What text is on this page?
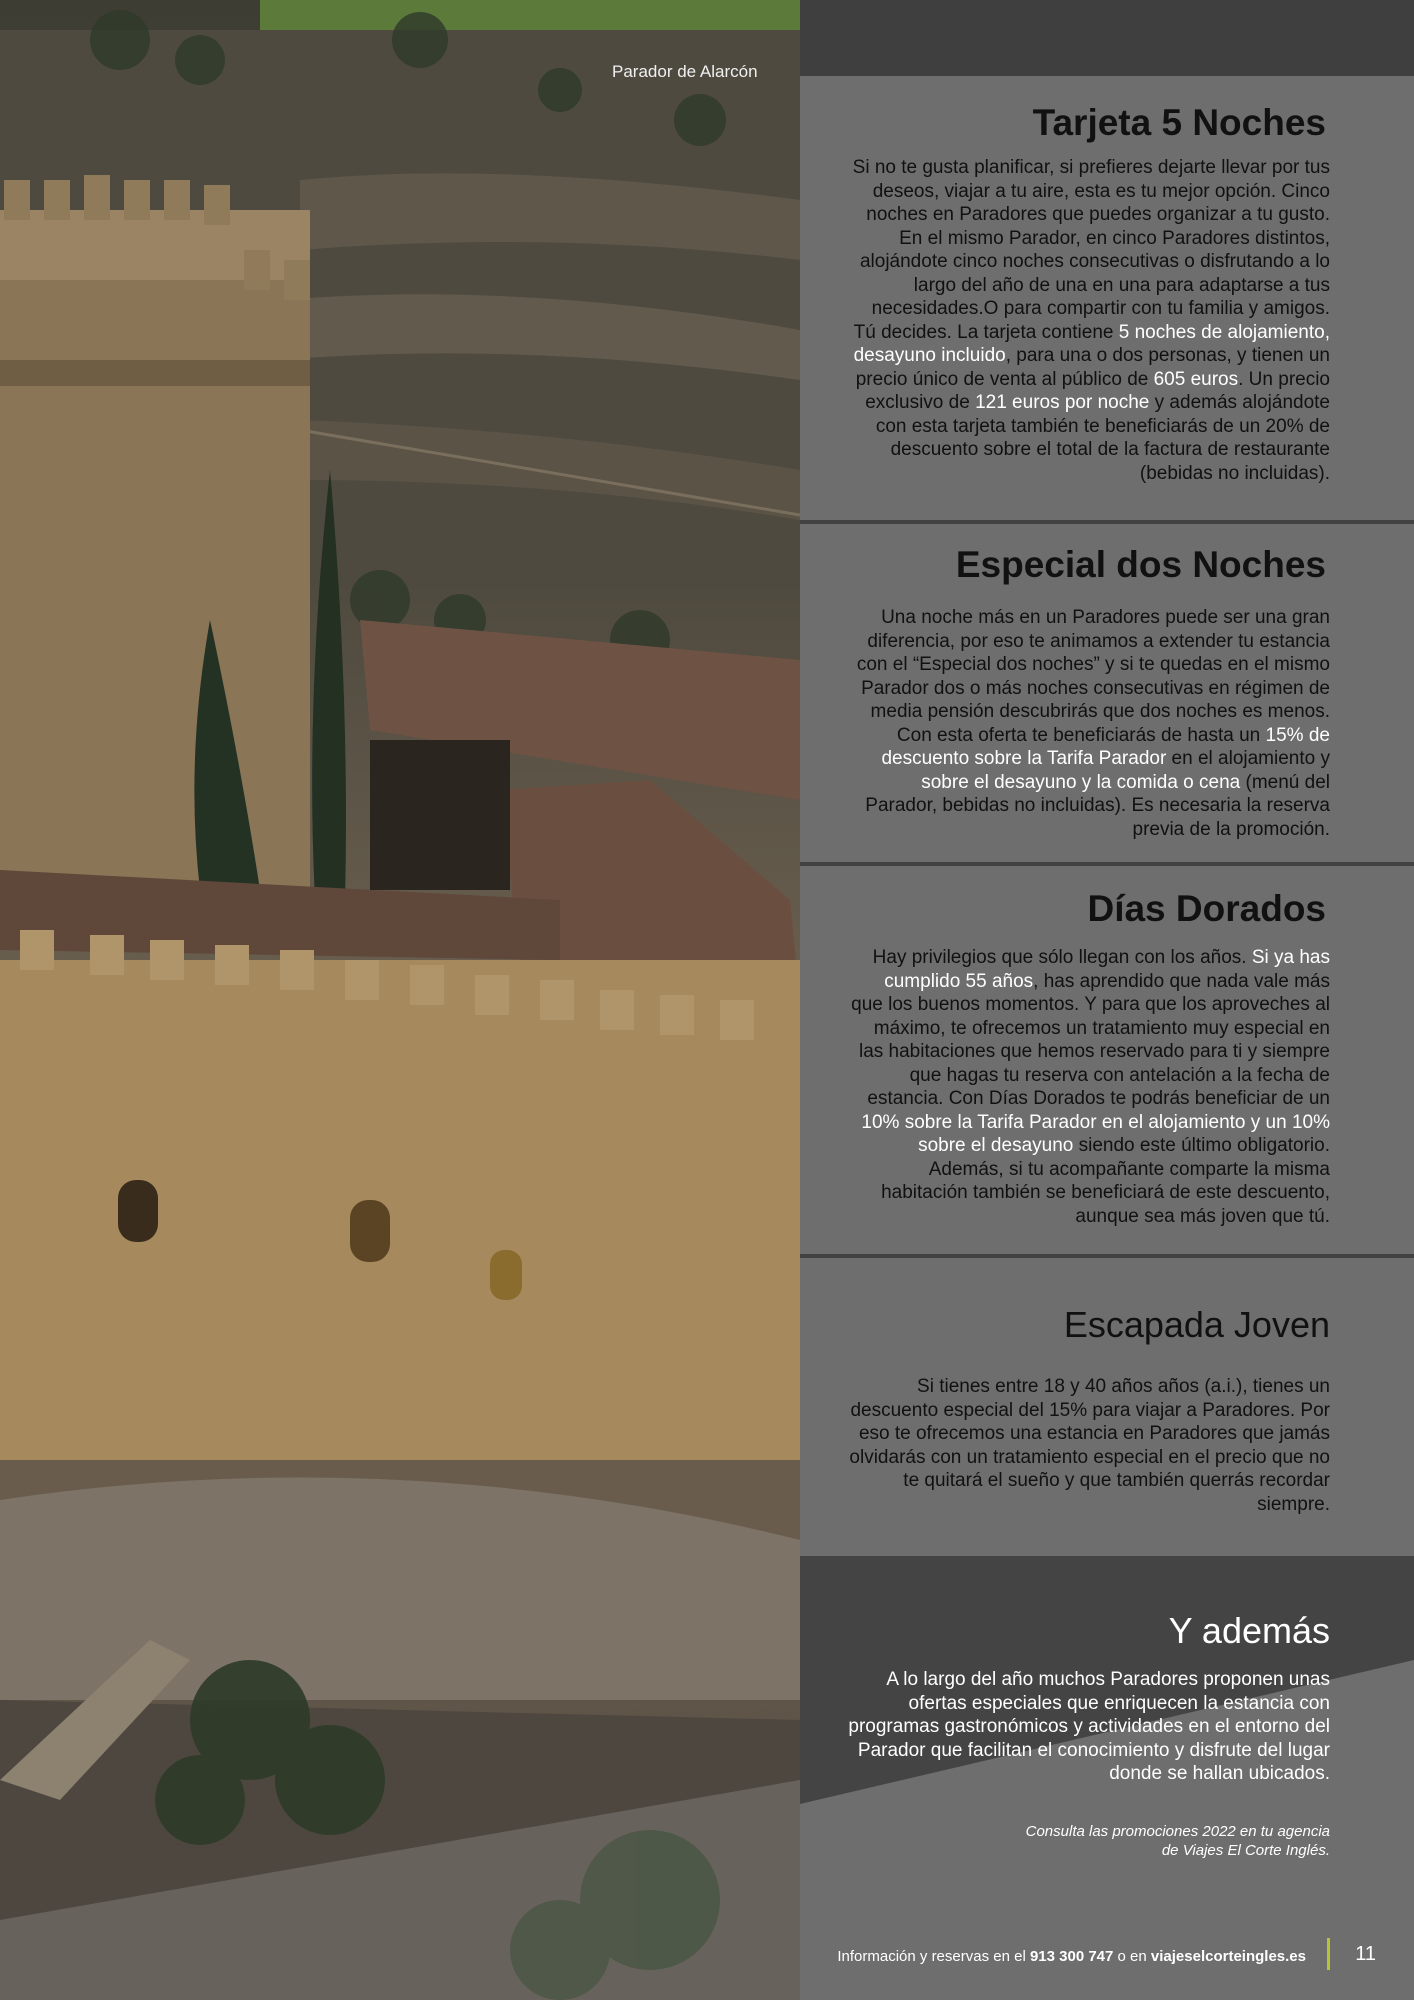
Parador de Alarcón
Tarjeta 5 Noches

Si no te gusta planificar, si prefieres dejarte llevar por tus deseos, viajar a tu aire, esta es tu mejor opción. Cinco noches en Paradores que puedes organizar a tu gusto. En el mismo Parador, en cinco Paradores distintos, alojándote cinco noches consecutivas o disfrutando a lo largo del año de una en una para adaptarse a tus necesidades.O para compartir con tu familia y amigos. Tú decides. La tarjeta contiene 5 noches de alojamiento, desayuno incluido, para una o dos personas, y tienen un precio único de venta al público de 605 euros. Un precio exclusivo de 121 euros por noche y además alojándote con esta tarjeta también te beneficiarás de un 20% de descuento sobre el total de la factura de restaurante (bebidas no incluidas).

Especial dos Noches

Una noche más en un Paradores puede ser una gran diferencia, por eso te animamos a extender tu estancia con el “Especial dos noches” y si te quedas en el mismo Parador dos o más noches consecutivas en régimen de media pensión descubrirás que dos noches es menos. Con esta oferta te beneficiarás de hasta un 15% de descuento sobre la Tarifa Parador en el alojamiento y sobre el desayuno y la comida o cena (menú del Parador, bebidas no incluidas). Es necesaria la reserva previa de la promoción.

Días Dorados

Hay privilegios que sólo llegan con los años. Si ya has cumplido 55 años, has aprendido que nada vale más que los buenos momentos. Y para que los aproveches al máximo, te ofrecemos un tratamiento muy especial en las habitaciones que hemos reservado para ti y siempre que hagas tu reserva con antelación a la fecha de estancia. Con Días Dorados te podrás beneficiar de un 10% sobre la Tarifa Parador en el alojamiento y un 10% sobre el desayuno siendo este último obligatorio. Además, si tu acompañante comparte la misma habitación también se beneficiará de este descuento, aunque sea más joven que tú.

Escapada Joven

Si tienes entre 18 y 40 años años (a.i.), tienes un descuento especial del 15% para viajar a Paradores. Por eso te ofrecemos una estancia en Paradores que jamás olvidarás con un tratamiento especial en el precio que no te quitará el sueño y que también querrás recordar siempre.

Y además

A lo largo del año muchos Paradores proponen unas ofertas especiales que enriquecen la estancia con programas gastronómicos y actividades en el entorno del Parador que facilitan el conocimiento y disfrute del lugar donde se hallan ubicados.

Consulta las promociones 2022 en tu agencia
de Viajes El Corte Inglés.
Información y reservas en el 913 300 747 o en viajeselcorteingles.es 11
